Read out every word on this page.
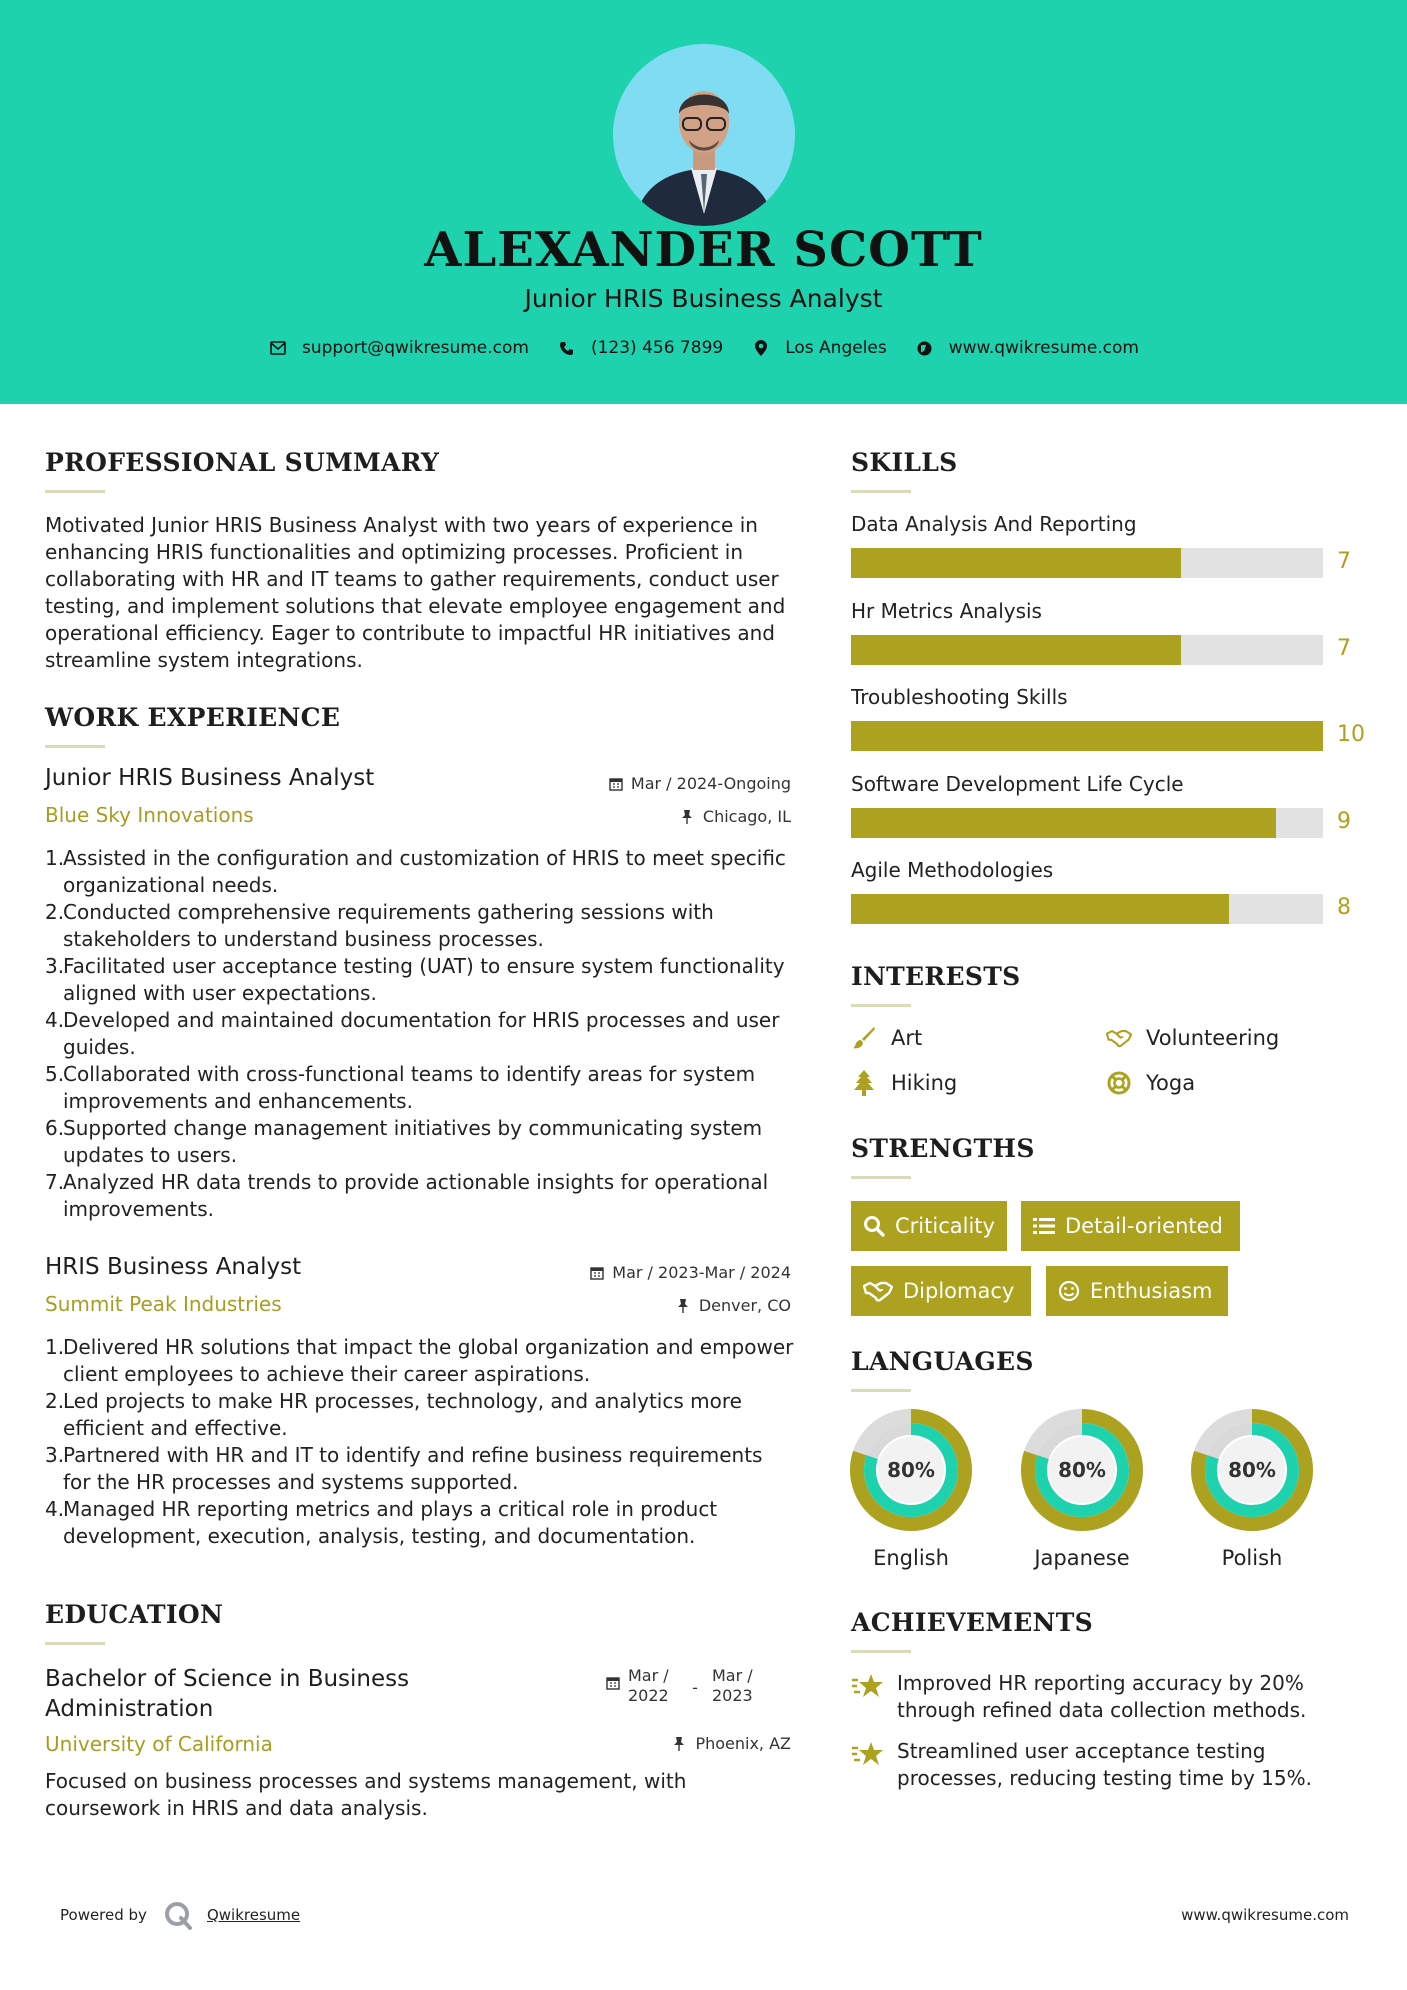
ALEXANDER SCOTT
Junior HRIS Business Analyst
support@qwikresume.com	(123) 456 7899	Los Angeles	www.qwikresume.com
PROFESSIONAL SUMMARY
Motivated Junior HRIS Business Analyst with two years of experience in enhancing HRIS functionalities and optimizing processes. Proficient in collaborating with HR and IT teams to gather requirements, conduct user testing, and implement solutions that elevate employee engagement and operational efficiency. Eager to contribute to impactful HR initiatives and streamline system integrations.
WORK EXPERIENCE
Junior HRIS Business Analyst	Mar / 2024-Ongoing
Blue Sky Innovations	Chicago, IL
1.
Assisted in the configuration and customization of HRIS to meet specific organizational needs.
2.
Conducted comprehensive requirements gathering sessions with stakeholders to understand business processes.
3.
Facilitated user acceptance testing (UAT) to ensure system functionality aligned with user expectations.
4.
Developed and maintained documentation for HRIS processes and user guides.
5.
Collaborated with cross-functional teams to identify areas for system improvements and enhancements.
6.
Supported change management initiatives by communicating system updates to users.
7.
Analyzed HR data trends to provide actionable insights for operational improvements.
HRIS Business Analyst	Mar / 2023-Mar / 2024
Summit Peak Industries	Denver, CO
1.
Delivered HR solutions that impact the global organization and empower client employees to achieve their career aspirations.
2.
Led projects to make HR processes, technology, and analytics more efficient and effective.
3.
Partnered with HR and IT to identify and refine business requirements for the HR processes and systems supported.
4.
Managed HR reporting metrics and plays a critical role in product development, execution, analysis, testing, and documentation.
EDUCATION
Bachelor of Science in Business Administration
Mar / 2022	-
Mar / 2023
University of California	Phoenix, AZ
Focused on business processes and systems management, with coursework in HRIS and data analysis.
SKILLS
Data Analysis And Reporting
7
Hr Metrics Analysis
7
Troubleshooting Skills
10
Software Development Life Cycle
9
Agile Methodologies
8
INTERESTS
Art	Volunteering
Hiking	Yoga
STRENGTHS
Criticality	Detail-oriented
Diplomacy	Enthusiasm
LANGUAGES
80%
English
80%
Japanese
80%
Polish
ACHIEVEMENTS
Improved HR reporting accuracy by 20% through refined data collection methods.
Streamlined user acceptance testing processes, reducing testing time by 15%.
Powered by	Qwikresume	www.qwikresume.com
